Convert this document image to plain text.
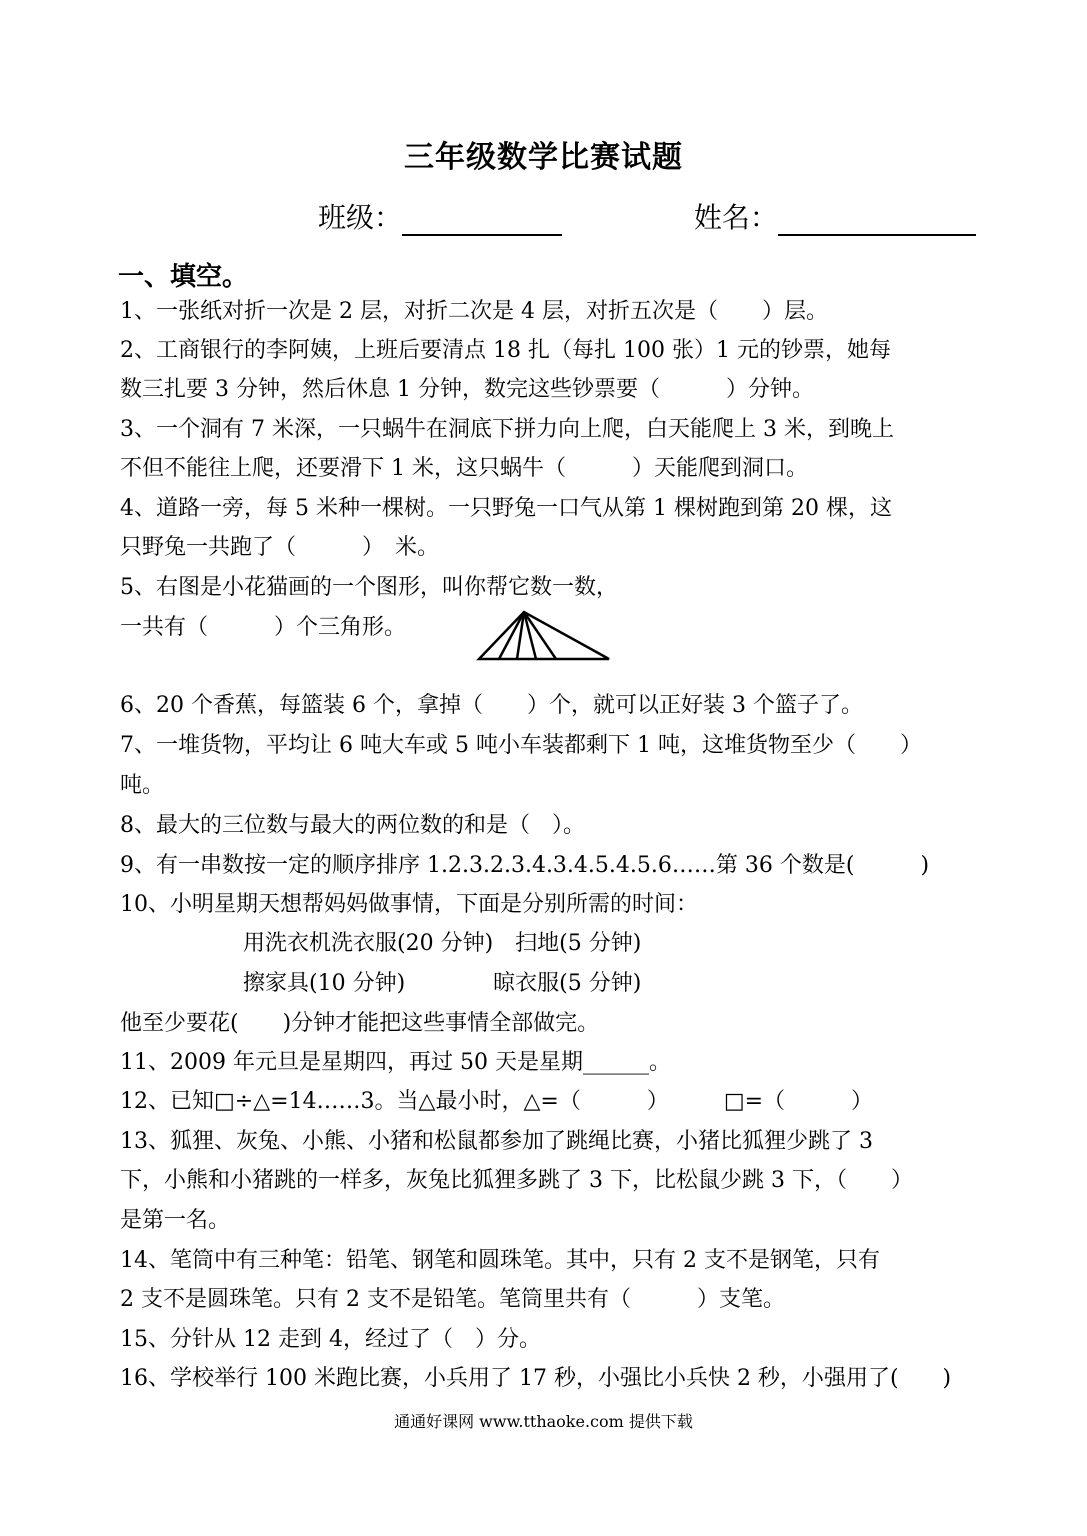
三年级数学比赛试题
班级：	姓名：
一、填空。
1、一张纸对折一次是 2 层，对折二次是 4 层，对折五次是（　　）层。
2、工商银行的李阿姨，上班后要清点 18 扎（每扎 100 张）1 元的钞票，她每
数三扎要 3 分钟，然后休息 1 分钟，数完这些钞票要（　　　）分钟。
3、一个洞有 7 米深，一只蜗牛在洞底下拼力向上爬，白天能爬上 3 米，到晚上
不但不能往上爬，还要滑下 1 米，这只蜗牛（　　　）天能爬到洞口。
4、道路一旁，每 5 米种一棵树。一只野兔一口气从第 1 棵树跑到第 20 棵，这
只野兔一共跑了（　　　）　米。
5、右图是小花猫画的一个图形，叫你帮它数一数，
一共有（　　　）个三角形。
6、20 个香蕉，每篮装 6 个，拿掉（　　）个，就可以正好装 3 个篮子了。
7、一堆货物，平均让 6 吨大车或 5 吨小车装都剩下 1 吨，这堆货物至少（　　）
吨。
8、最大的三位数与最大的两位数的和是（　）。
9、有一串数按一定的顺序排序 1.2.3.2.3.4.3.4.5.4.5.6……第 36 个数是(　　　)
10、小明星期天想帮妈妈做事情，下面是分别所需的时间：
用洗衣机洗衣服(20 分钟)　扫地(5 分钟)
擦家具(10 分钟)　　　　晾衣服(5 分钟)
他至少要花(　　)分钟才能把这些事情全部做完。
11、2009 年元旦是星期四，再过 50 天是星期______。
12、已知□÷△=14……3。当△最小时，△=（　　　）　　　□=（　　　）
13、狐狸、灰兔、小熊、小猪和松鼠都参加了跳绳比赛，小猪比狐狸少跳了 3
下，小熊和小猪跳的一样多，灰兔比狐狸多跳了 3 下，比松鼠少跳 3 下，（　　）
是第一名。
14、笔筒中有三种笔：铅笔、钢笔和圆珠笔。其中，只有 2 支不是钢笔，只有
2 支不是圆珠笔。只有 2 支不是铅笔。笔筒里共有（　　　）支笔。
15、分针从 12 走到 4，经过了（　）分。
16、学校举行 100 米跑比赛，小兵用了 17 秒，小强比小兵快 2 秒，小强用了(　　)
通通好课网 www.tthaoke.com 提供下载
